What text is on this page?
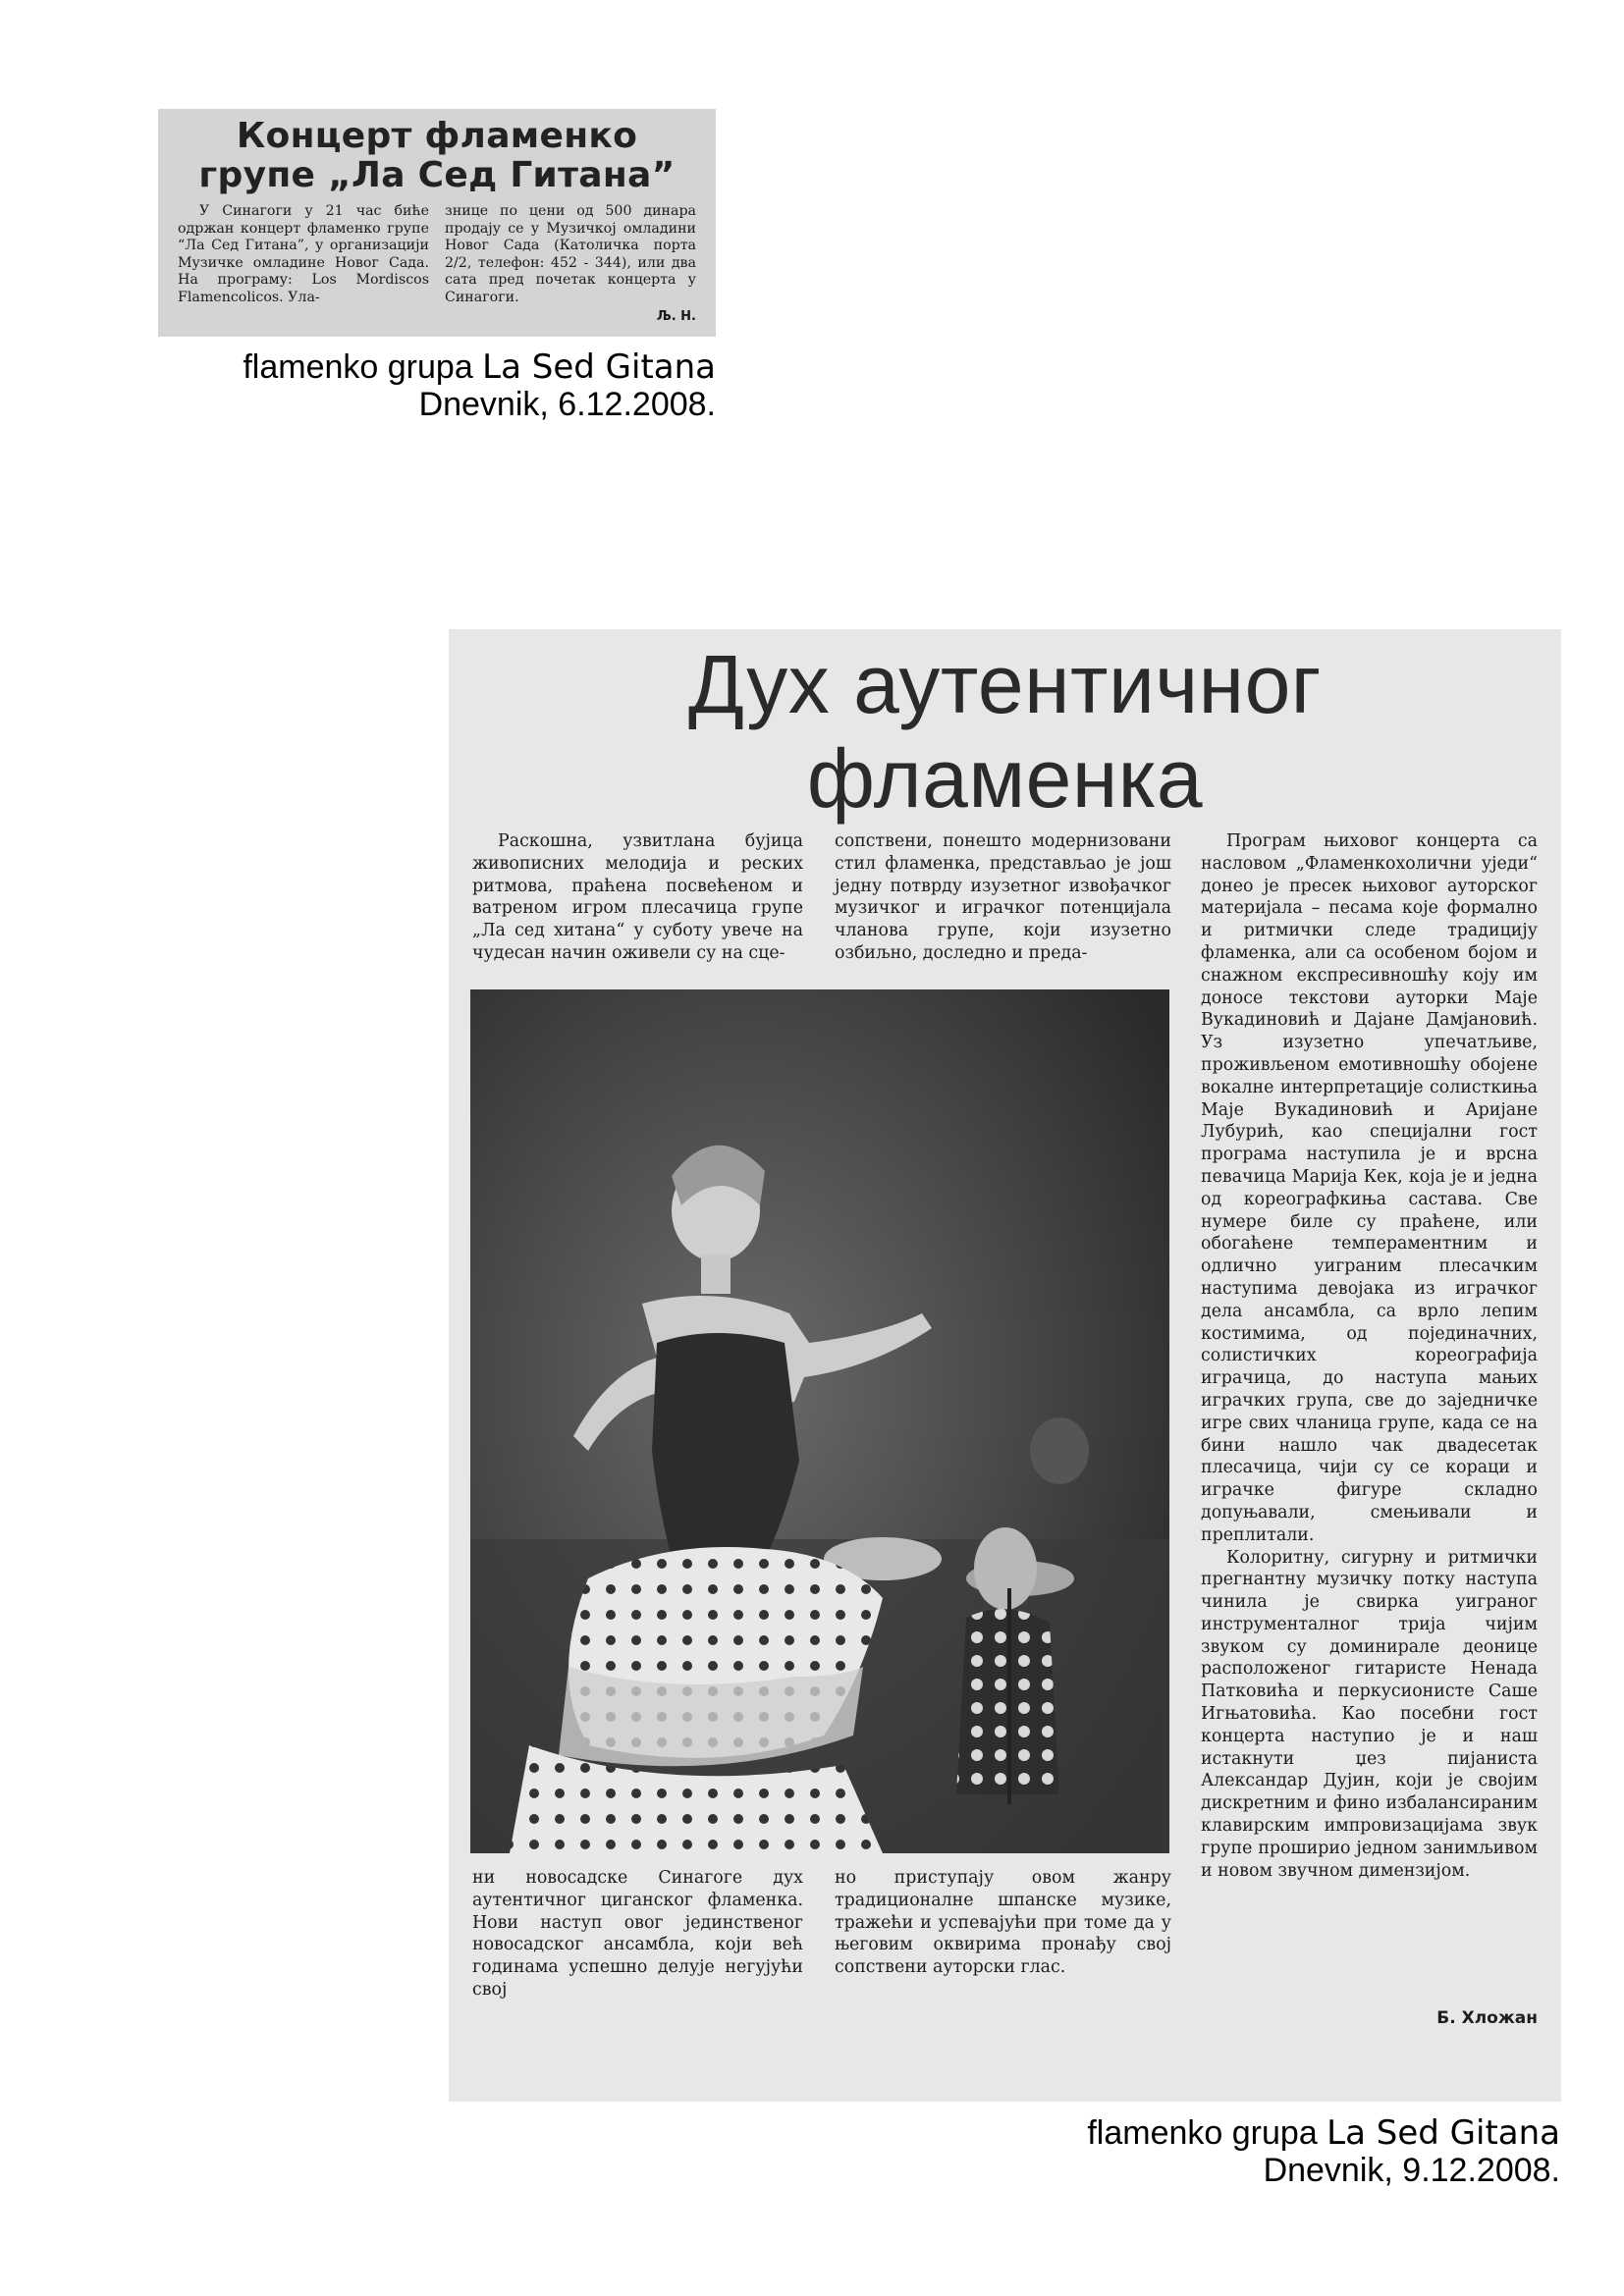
Концерт фламенко
групе „Ла Сед Гитана”

У Синагоги у 21 час биће одржан концерт фламенко групе “Ла Сед Гитана”, у организацији Музичке омладине Новог Сада. На програму: Los Mordiscos Flamencolicos. Ула-

знице по цени од 500 динара продају се у Музичкој омладини Новог Сада (Католичка порта 2/2, телефон: 452 - 344), или два сата пред почетак концерта у Синагоги.

Љ. Н.
flamenko grupa La Sed Gitana
Dnevnik, 6.12.2008.
Дух аутентичног
фламенка

Раскошна, узвитлана бујица живописних мелодија и реских ритмова, праћена посвећеном и ватреном игром плесачица групе „Ла сед хитана“ у суботу увече на чудесан начин оживели су на сце-

сопствени, понешто модернизовани стил фламенка, представљао је још једну потврду изузетног извођачког музичког и играчког потенцијала чланова групе, који изузетно озбиљно, доследно и преда-

ни новосадске Синагоге дух аутентичног циганског фламенка. Нови наступ овог јединственог новосадског ансамбла, који већ годинама успешно делује негујући свој

но приступају овом жанру традиционалне шпанске музике, тражећи и успевајући при томе да у његовим оквирима пронађу свој сопствени ауторски глас.

Програм њиховог концерта са насловом „Фламенкохолични уједи“ донео је пресек њиховог ауторског материјала – песама које формално и ритмички следе традицију фламенка, али са особеном бојом и снажном експресивношћу коју им доносе текстови ауторки Маје Вукадиновић и Дајане Дамјановић. Уз изузетно упечатљиве, проживљеном емотивношћу обојене вокалне интерпретације солисткиња Маје Вукадиновић и Аријане Лубурић, као специјални гост програма наступила је и врсна певачица Марија Кек, која је и једна од кореографкиња састава. Све нумере биле су праћене, или обогаћене темпераментним и одлично уиграним плесачким наступима девојака из играчког дела ансамбла, са врло лепим костимима, од појединачних, солистичких кореографија играчица, до наступа мањих играчких група, све до заједничке игре свих чланица групе, када се на бини нашло чак двадесетак плесачица, чији су се кораци и играчке фигуре складно допуњавали, смењивали и преплитали.

Колоритну, сигурну и ритмички прегнантну музичку потку наступа чинила је свирка уиграног инструменталног трија чијим звуком су доминирале деонице расположеног гитаристе Ненада Патковића и перкусионисте Саше Игњатовића. Као посебни гост концерта наступио је и наш истакнути џез пијаниста Александар Дујин, који је својим дискретним и фино избалансираним клавирским импровизацијама звук групе проширио једном занимљивом и новом звучном димензијом.

Б. Хложан
flamenko grupa La Sed Gitana
Dnevnik, 9.12.2008.
